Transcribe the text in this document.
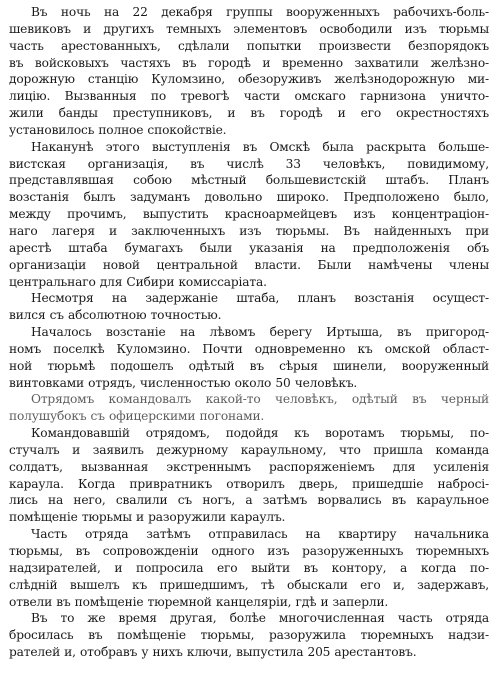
Въ ночь на 22 декабря группы вооруженныхъ рабочихъ-боль-
шевиковъ и другихъ темныхъ элементовъ освободили изъ тюрьмы
часть арестованныхъ, сдѣлали попытки произвести безпорядокъ
въ войсковыхъ частяхъ въ городѣ и временно захватили желѣзно-
дорожную станцію Куломзино, обезоруживъ желѣзнодорожную ми-
лицію. Вызванныя по тревогѣ части омскаго гарнизона уничто-
жили банды преступниковъ, и въ городѣ и его окрестностяхъ
установилось полное спокойствіе.

Наканунѣ этого выступленія въ Омскѣ была раскрыта больше-
вистская организація, въ числѣ 33 человѣкъ, повидимому,
представлявшая собою мѣстный большевистскій штабъ. Планъ
возстанія былъ задуманъ довольно широко. Предположено было,
между прочимъ, выпустить красноармейцевъ изъ концентраціон-
наго лагеря и заключенныхъ изъ тюрьмы. Въ найденныхъ при
арестѣ штаба бумагахъ были указанія на предположенія объ
организаціи новой центральной власти. Были намѣчены члены
центральнаго для Сибири комиссаріата.

Несмотря на задержаніе штаба, планъ возстанія осущест-
вился съ абсолютною точностью.

Началось возстаніе на лѣвомъ берегу Иртыша, въ пригород-
номъ поселкѣ Куломзино. Почти одновременно къ омской област-
ной тюрьмѣ подошелъ одѣтый въ сѣрыя шинели, вооруженный
винтовками отрядъ, численностью около 50 человѣкъ.

Отрядомъ командовалъ какой-то человѣкъ, одѣтый въ черный
полушубокъ съ офицерскими погонами.

Командовавшій отрядомъ, подойдя къ воротамъ тюрьмы, по-
стучалъ и заявилъ дежурному караульному, что пришла команда
солдатъ, вызванная экстреннымъ распоряженіемъ для усиленія
караула. Когда привратникъ отворилъ дверь, пришедшіе набросі-
лись на него, свалили съ ногъ, а затѣмъ ворвались въ караульное
помѣщеніе тюрьмы и разоружили караулъ.

Часть отряда затѣмъ отправилась на квартиру начальника
тюрьмы, въ сопровожденіи одного изъ разоруженныхъ тюремныхъ
надзирателей, и попросила его выйти въ контору, а когда по-
слѣдній вышелъ къ пришедшимъ, тѣ обыскали его и, задержавъ,
отвели въ помѣщеніе тюремной канцеляріи, гдѣ и заперли.

Въ то же время другая, болѣе многочисленная часть отряда
бросилась въ помѣщеніе тюрьмы, разоружила тюремныхъ надзи-
рателей и, отобравъ у нихъ ключи, выпустила 205 арестантовъ.
